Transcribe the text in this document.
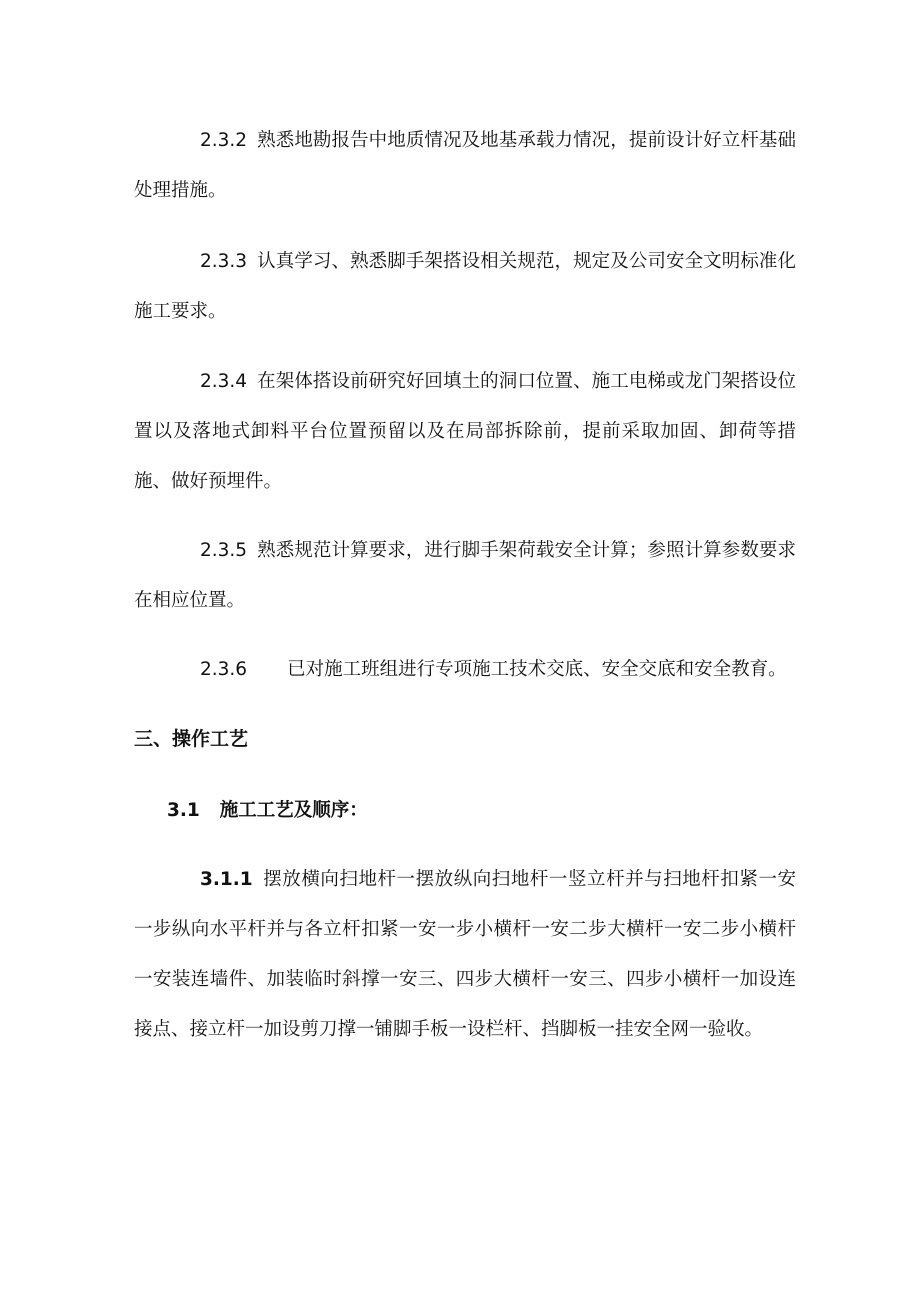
2.3.2 熟悉地勘报告中地质情况及地基承载力情况，提前设计好立杆基础处理措施。

2.3.3 认真学习、熟悉脚手架搭设相关规范，规定及公司安全文明标准化施工要求。

2.3.4 在架体搭设前研究好回填土的洞口位置、施工电梯或龙门架搭设位置以及落地式卸料平台位置预留以及在局部拆除前，提前采取加固、卸荷等措施、做好预埋件。

2.3.5 熟悉规范计算要求，进行脚手架荷载安全计算；参照计算参数要求在相应位置。

2.3.6 已对施工班组进行专项施工技术交底、安全交底和安全教育。

三、操作工艺

3.1 施工工艺及顺序：

3.1.1 摆放横向扫地杆一摆放纵向扫地杆一竖立杆并与扫地杆扣紧一安一步纵向水平杆并与各立杆扣紧一安一步小横杆一安二步大横杆一安二步小横杆一安装连墙件、加装临时斜撑一安三、四步大横杆一安三、四步小横杆一加设连接点、接立杆一加设剪刀撑一铺脚手板一设栏杆、挡脚板一挂安全网一验收。
